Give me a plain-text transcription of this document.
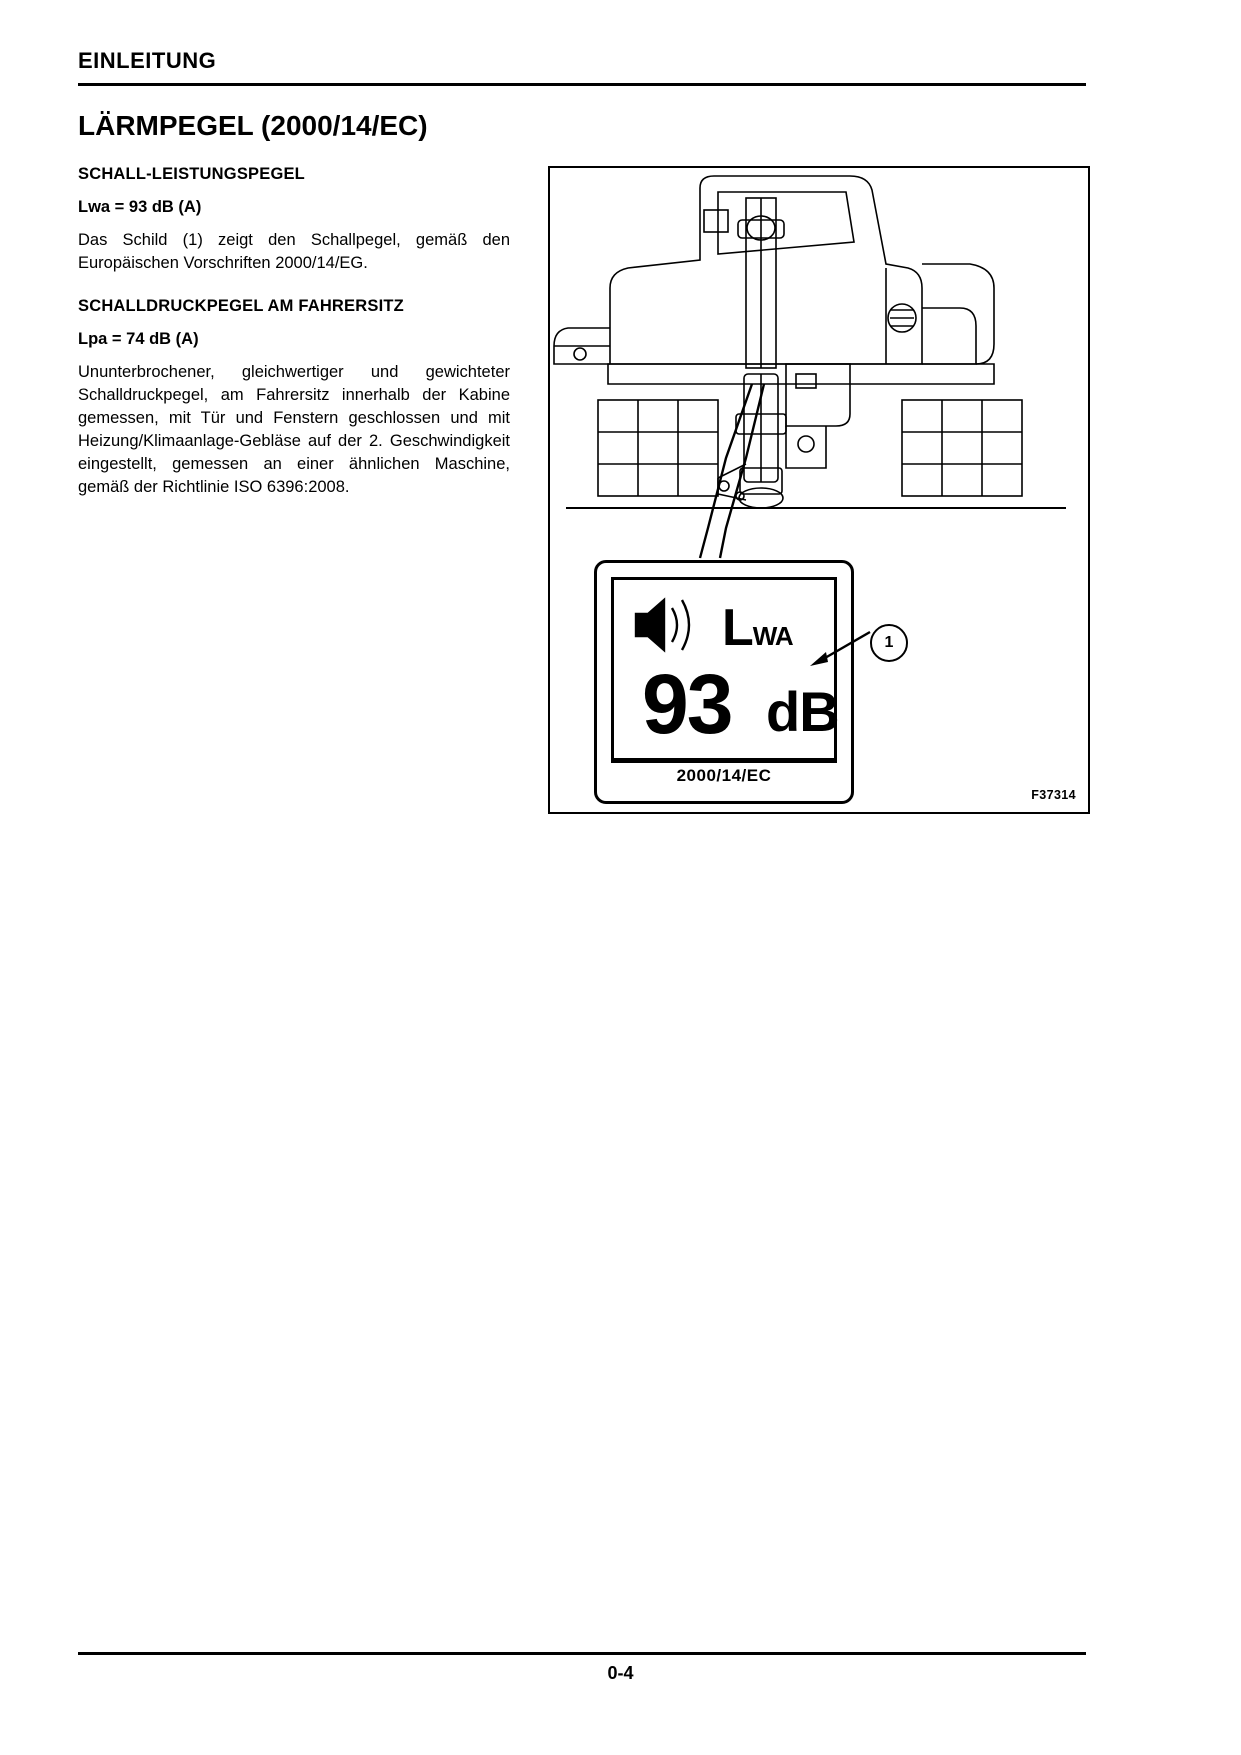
EINLEITUNG
LÄRMPEGEL (2000/14/EC)

SCHALL-LEISTUNGSPEGEL

Lwa = 93 dB (A)

Das Schild (1) zeigt den Schallpegel, gemäß den Europäischen Vorschriften 2000/14/EG.

SCHALLDRUCKPEGEL AM FAHRERSITZ

Lpa = 74 dB (A)

Ununterbrochener, gleichwertiger und gewichteter Schalldruckpegel, am Fahrersitz innerhalb der Kabine gemessen, mit Tür und Fenstern geschlossen und mit Heizung/Klimaanlage-Gebläse auf der 2. Geschwindigkeit eingestellt, gemessen an einer ähnlichen Maschine, gemäß der Richtlinie ISO 6396:2008.

LWA
93 dB
2000/14/EC
1
F37314
0-4
